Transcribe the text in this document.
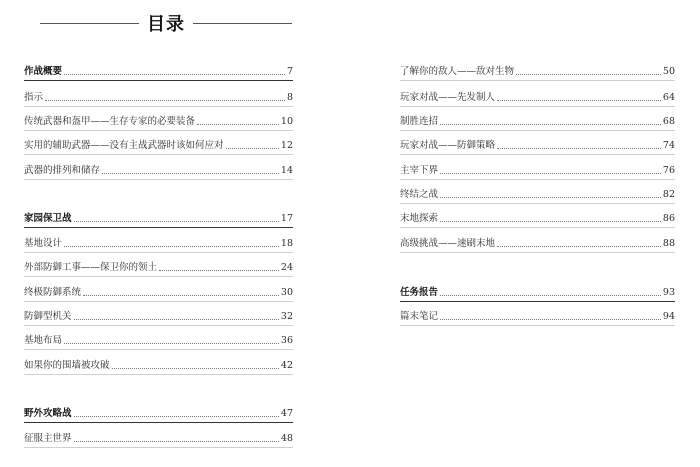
目录
作战概要	7
指示	8
传统武器和盔甲——生存专家的必要装备	10
实用的辅助武器——没有主战武器时该如何应对	12
武器的排列和储存	14
家园保卫战	17
基地设计	18
外部防御工事——保卫你的领土	24
终极防御系统	30
防御型机关	32
基地布局	36
如果你的围墙被攻破	42
野外攻略战	47
征服主世界	48
了解你的敌人——敌对生物	50
玩家对战——先发制人	64
制胜连招	68
玩家对战——防御策略	74
主宰下界	76
终结之战	82
末地探索	86
高级挑战——速刷末地	88
任务报告	93
篇末笔记	94
